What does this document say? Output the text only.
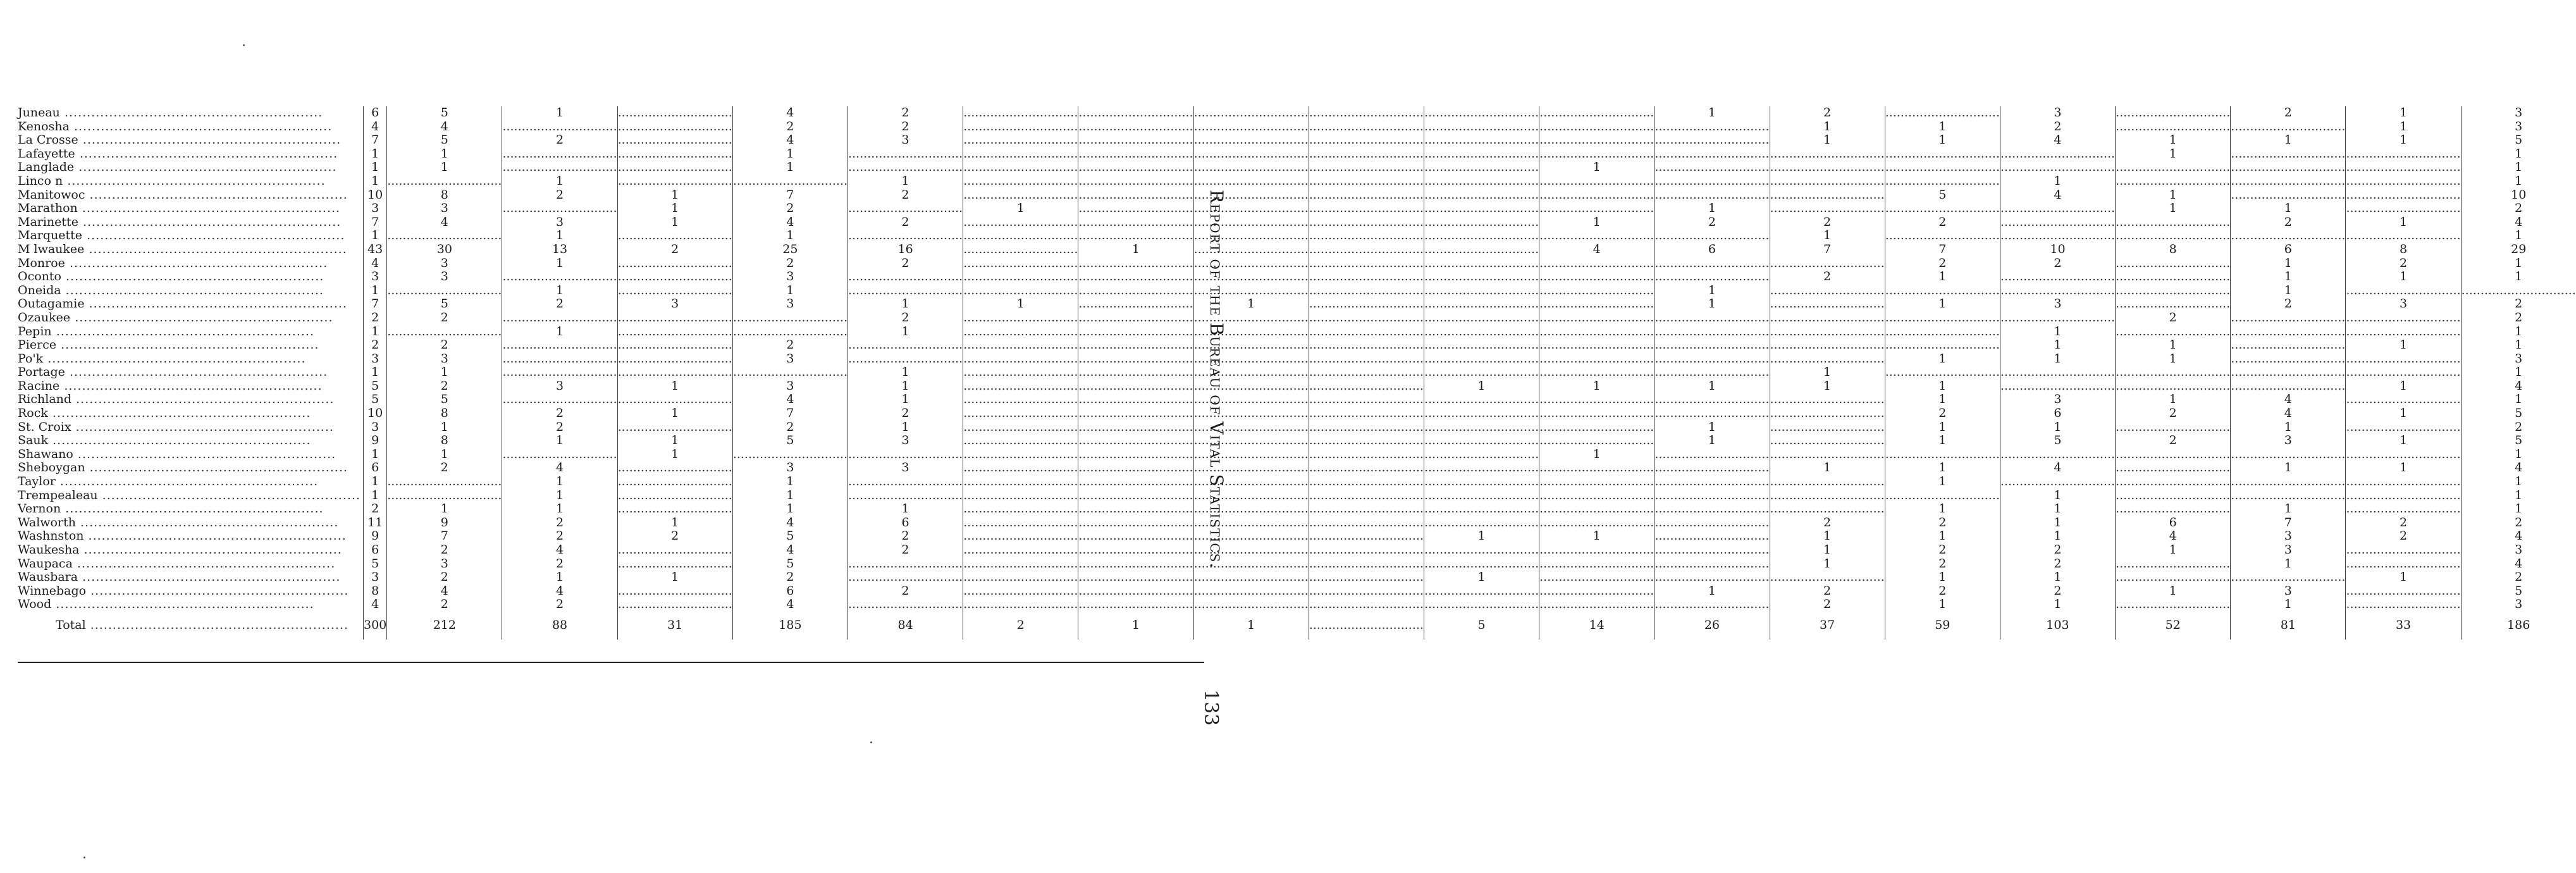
Juneau .....	6	5	1	.....	4	2	.....	.....	.....	.....	.....	.....	1	2	.....	3	.....	2	1	3
Kenosha .....	4	4	.....	.....	2	2	.....	.....	.....	.....	.....	.....	.....	1	1	2	.....	.....	1	3
La Crosse .....	7	5	2	.....	4	3	.....	.....	.....	.....	.....	.....	.....	1	1	4	1	1	1	5
Lafayette .....	1	1	.....	.....	1	.....	.....	.....	.....	.....	.....	.....	.....	.....	.....	.....	1	.....	.....	1
Langlade .....	1	1	.....	.....	1	.....	.....	.....	.....	.....	.....	1	.....	.....	.....	.....	.....	.....	.....	1
Linco n .....	1	.....	1	.....	.....	1	.....	.....	.....	.....	.....	.....	.....	.....	.....	1	.....	.....	.....	1
Manitowoc .....	10	8	2	1	7	2	.....	.....	.....	.....	.....	.....	.....	.....	5	4	1	.....	.....	10
Marathon .....	3	3	.....	1	2	.....	1	.....	.....	.....	.....	.....	1	.....	.....	.....	1	1	.....	2
Marinette .....	7	4	3	1	4	2	.....	.....	.....	.....	.....	1	2	2	2	.....	.....	2	1	4
Marquette .....	1	.....	1	.....	1	.....	.....	.....	.....	.....	.....	.....	.....	1	.....	.....	.....	.....	.....	1
M lwaukee .....	43	30	13	2	25	16	.....	1	.....	.....	.....	4	6	7	7	10	8	6	8	29
Monroe .....	4	3	1	.....	2	2	.....	.....	.....	.....	.....	.....	.....	.....	2	2	.....	1	2	1
Oconto .....	3	3	.....	.....	3	.....	.....	.....	.....	.....	.....	.....	.....	2	1	.....	.....	1	1	1
Oneida .....	1	.....	1	.....	1	.....	.....	.....	.....	.....	.....	.....	1	.....	.....	.....	.....	1	.....	.....
Outagamie .....	7	5	2	3	3	1	1	.....	1	.....	.....	.....	1	.....	1	3	.....	2	3	2
Ozaukee .....	2	2	.....	.....	.....	2	.....	.....	.....	.....	.....	.....	.....	.....	.....	.....	2	.....	.....	2
Pepin .....	1	.....	1	.....	.....	1	.....	.....	.....	.....	.....	.....	.....	.....	.....	1	.....	.....	.....	1
Pierce .....	2	2	.....	.....	2	.....	.....	.....	.....	.....	.....	.....	.....	.....	.....	1	1	.....	1	1
Po'k .....	3	3	.....	.....	3	.....	.....	.....	.....	.....	.....	.....	.....	.....	1	1	1	.....	.....	3
Portage .....	1	1	.....	.....	.....	1	.....	.....	.....	.....	.....	.....	.....	1	.....	.....	.....	.....	.....	1
Racine .....	5	2	3	1	3	1	.....	.....	.....	.....	1	1	1	1	1	.....	.....	.....	1	4
Richland .....	5	5	.....	.....	4	1	.....	.....	.....	.....	.....	.....	.....	.....	1	3	1	4	.....	1
Rock .....	10	8	2	1	7	2	.....	.....	.....	.....	.....	.....	.....	.....	2	6	2	4	1	5
St. Croix .....	3	1	2	.....	2	1	.....	.....	.....	.....	.....	.....	1	.....	1	1	.....	1	.....	2
Sauk .....	9	8	1	1	5	3	.....	.....	.....	.....	.....	.....	1	.....	1	5	2	3	1	5
Shawano .....	1	1	.....	1	.....	.....	.....	.....	.....	.....	.....	1	.....	.....	.....	.....	.....	.....	.....	1
Sheboygan .....	6	2	4	.....	3	3	.....	.....	.....	.....	.....	.....	.....	1	1	4	.....	1	1	4
Taylor .....	1	.....	1	.....	1	.....	.....	.....	.....	.....	.....	.....	.....	.....	1	.....	.....	.....	.....	1
Trempealeau .....	1	.....	1	.....	1	.....	.....	.....	.....	.....	.....	.....	.....	.....	.....	1	.....	.....	.....	1
Vernon .....	2	1	1	.....	1	1	.....	.....	.....	.....	.....	.....	.....	.....	1	1	.....	1	.....	1
Walworth .....	11	9	2	1	4	6	.....	.....	.....	.....	.....	.....	.....	2	2	1	6	7	2	2
Washnston .....	9	7	2	2	5	2	.....	.....	.....	.....	1	1	.....	1	1	1	4	3	2	4
Waukesha .....	6	2	4	.....	4	2	.....	.....	.....	.....	.....	.....	.....	1	2	2	1	3	.....	3
Waupaca .....	5	3	2	.....	5	.....	.....	.....	.....	.....	.....	.....	.....	1	2	2	.....	1	.....	4
Wausbara .....	3	2	1	1	2	.....	.....	.....	.....	.....	1	.....	.....	.....	1	1	.....	.....	1	2
Winnebago .....	8	4	4	.....	6	2	.....	.....	.....	.....	.....	.....	1	2	2	2	1	3	.....	5
Wood .....	4	2	2	.....	4	.....	.....	.....	.....	.....	.....	.....	.....	2	1	1	.....	1	.....	3
Total .....	300	212	88	31	185	84	2	1	1	.....	5	14	26	37	59	103	52	81	33	186
Report of the Bureau of Vital Statistics.
133
